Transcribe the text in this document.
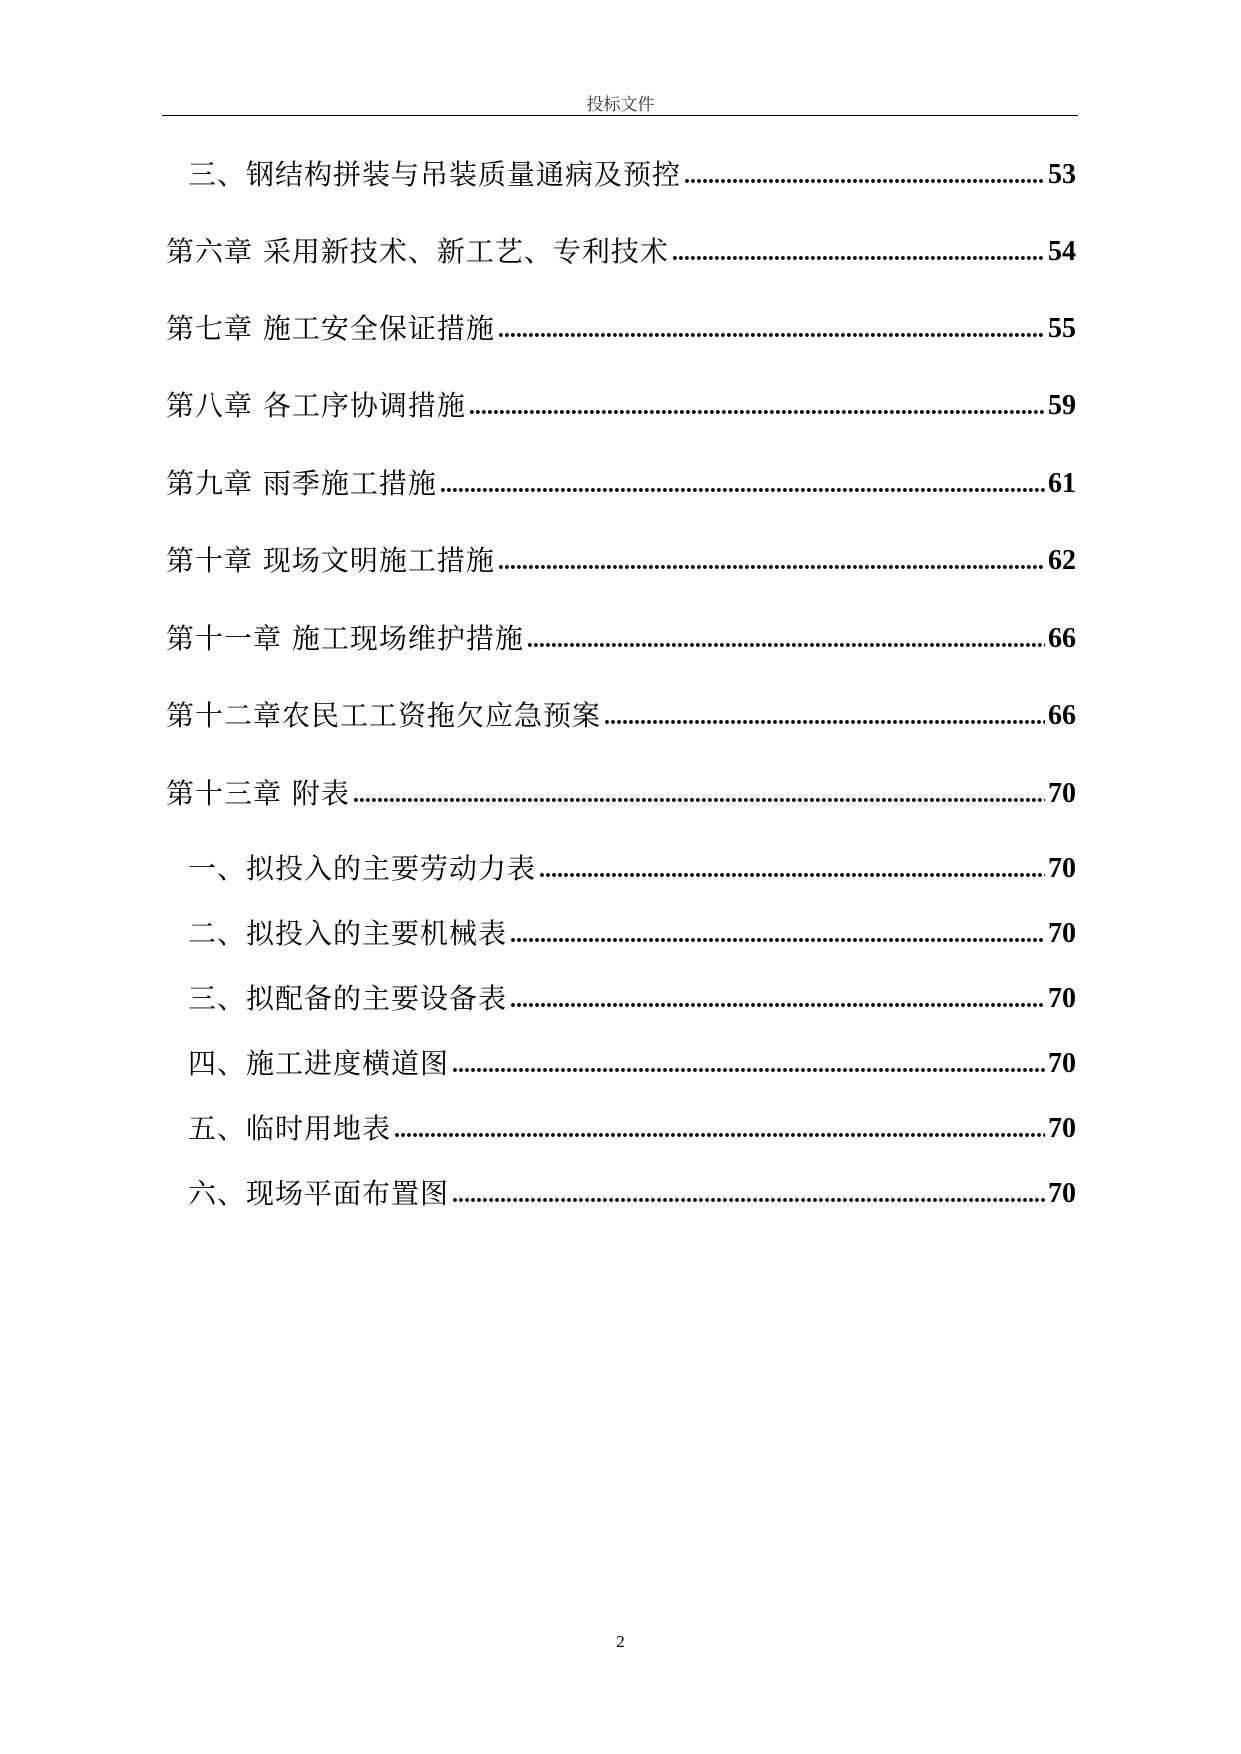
投标文件
三、钢结构拼装与吊装质量通病及预控 .....	53
第六章 采用新技术、新工艺、专利技术 .....	54
第七章 施工安全保证措施 .....	55
第八章 各工序协调措施 .....	59
第九章 雨季施工措施 .....	61
第十章 现场文明施工措施 .....	62
第十一章 施工现场维护措施 .....	66
第十二章农民工工资拖欠应急预案 .....	66
第十三章 附表 .....	70
一、拟投入的主要劳动力表 .....	70
二、拟投入的主要机械表 .....	70
三、拟配备的主要设备表 .....	70
四、施工进度横道图 .....	70
五、临时用地表 .....	70
六、现场平面布置图 .....	70
2
